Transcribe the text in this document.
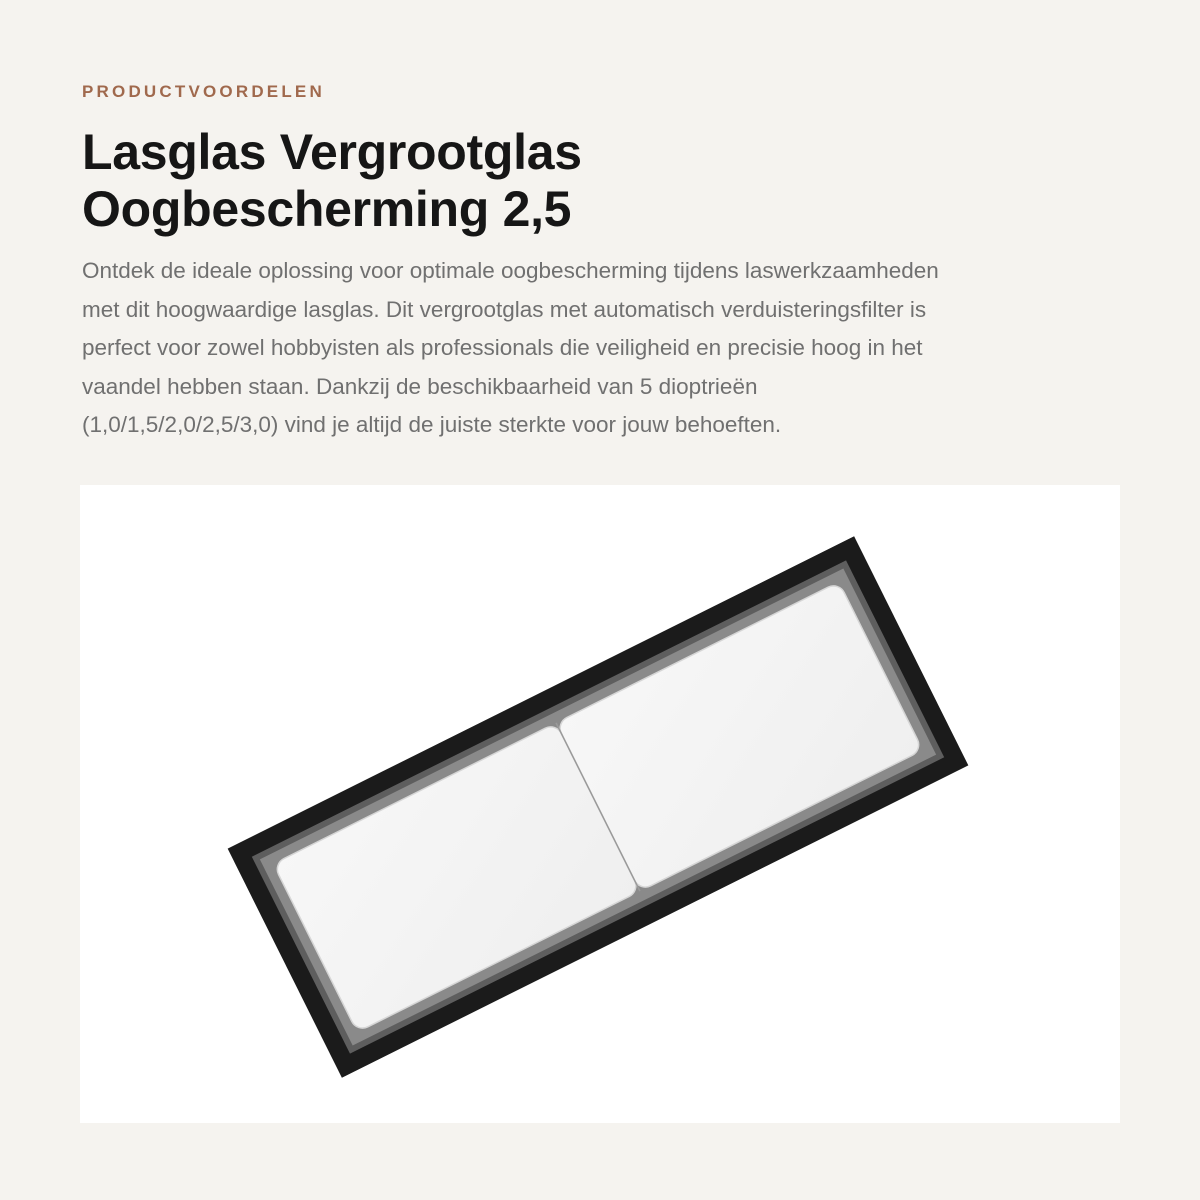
PRODUCTVOORDELEN

Lasglas Vergrootglas
Oogbescherming 2,5

Ontdek de ideale oplossing voor optimale oogbescherming tijdens laswerkzaamheden
met dit hoogwaardige lasglas. Dit vergrootglas met automatisch verduisteringsfilter is
perfect voor zowel hobbyisten als professionals die veiligheid en precisie hoog in het
vaandel hebben staan. Dankzij de beschikbaarheid van 5 dioptrieën
(1,0/1,5/2,0/2,5/3,0) vind je altijd de juiste sterkte voor jouw behoeften.
